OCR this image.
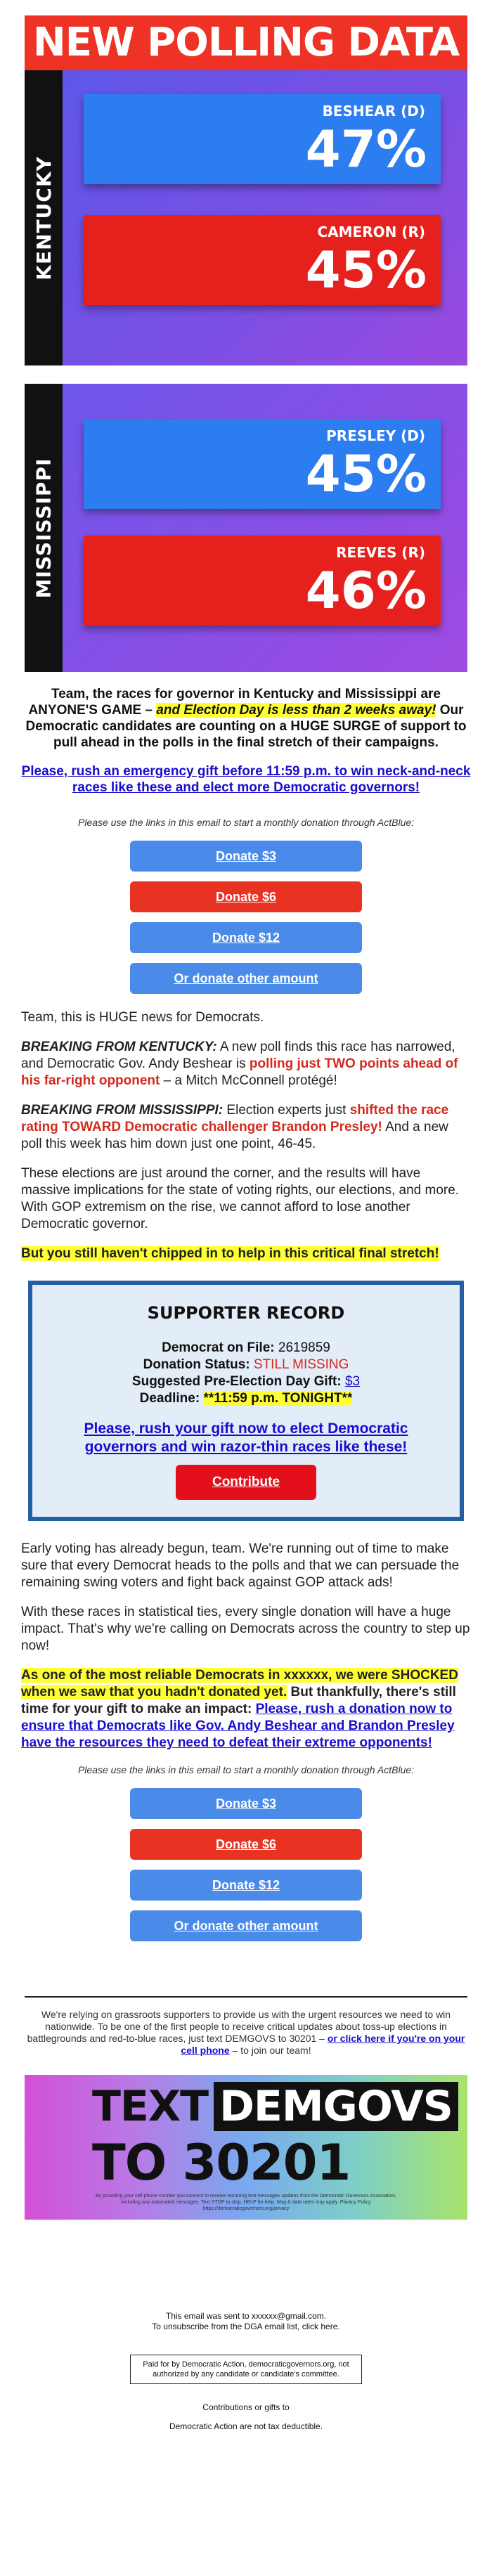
NEW POLLING DATA
KENTUCKY
BESHEAR (D)
47%
CAMERON (R)
45%
MISSISSIPPI
PRESLEY (D)
45%
REEVES (R)
46%
Team, the races for governor in Kentucky and Mississippi are ANYONE'S GAME – and Election Day is less than 2 weeks away! Our Democratic candidates are counting on a HUGE SURGE of support to pull ahead in the polls in the final stretch of their campaigns.
Please, rush an emergency gift before 11:59 p.m. to win neck-and-neck races like these and elect more Democratic governors!
Please use the links in this email to start a monthly donation through ActBlue:
Donate $3
Donate $6
Donate $12
Or donate other amount

Team, this is HUGE news for Democrats.

BREAKING FROM KENTUCKY: A new poll finds this race has narrowed, and Democratic Gov. Andy Beshear is polling just TWO points ahead of his far-right opponent – a Mitch McConnell protégé!

BREAKING FROM MISSISSIPPI: Election experts just shifted the race rating TOWARD Democratic challenger Brandon Presley! And a new poll this week has him down just one point, 46-45.

These elections are just around the corner, and the results will have massive implications for the state of voting rights, our elections, and more. With GOP extremism on the rise, we cannot afford to lose another Democratic governor.

But you still haven't chipped in to help in this critical final stretch!

SUPPORTER RECORD
Democrat on File: 2619859
Donation Status: STILL MISSING
Suggested Pre-Election Day Gift: $3
Deadline: **11:59 p.m. TONIGHT**
Please, rush your gift now to elect Democratic governors and win razor-thin races like these!
Contribute

Early voting has already begun, team. We're running out of time to make sure that every Democrat heads to the polls and that we can persuade the remaining swing voters and fight back against GOP attack ads!

With these races in statistical ties, every single donation will have a huge impact. That's why we're calling on Democrats across the country to step up now!

As one of the most reliable Democrats in xxxxxx, we were SHOCKED when we saw that you hadn't donated yet. But thankfully, there's still time for your gift to make an impact: Please, rush a donation now to ensure that Democrats like Gov. Andy Beshear and Brandon Presley have the resources they need to defeat their extreme opponents!

Please use the links in this email to start a monthly donation through ActBlue:
Donate $3
Donate $6
Donate $12
Or donate other amount
We're relying on grassroots supporters to provide us with the urgent resources we need to win nationwide. To be one of the first people to receive critical updates about toss-up elections in battlegrounds and red-to-blue races, just text DEMGOVS to 30201 – or click here if you're on your cell phone – to join our team!
TEXT DEMGOVS
TO 30201
By providing your cell phone number you consent to receive recurring text messages updates from the Democratic Governors Association, including any automated messages. Text STOP to stop, HELP for help. Msg & data rates may apply. Privacy Policy https://democraticgovernors.org/privacy
This email was sent to xxxxxx@gmail.com.
To unsubscribe from the DGA email list, click here.
Paid for by Democratic Action, democraticgovernors.org, not authorized by any candidate or candidate's committee.

Contributions or gifts to

Democratic Action are not tax deductible.
